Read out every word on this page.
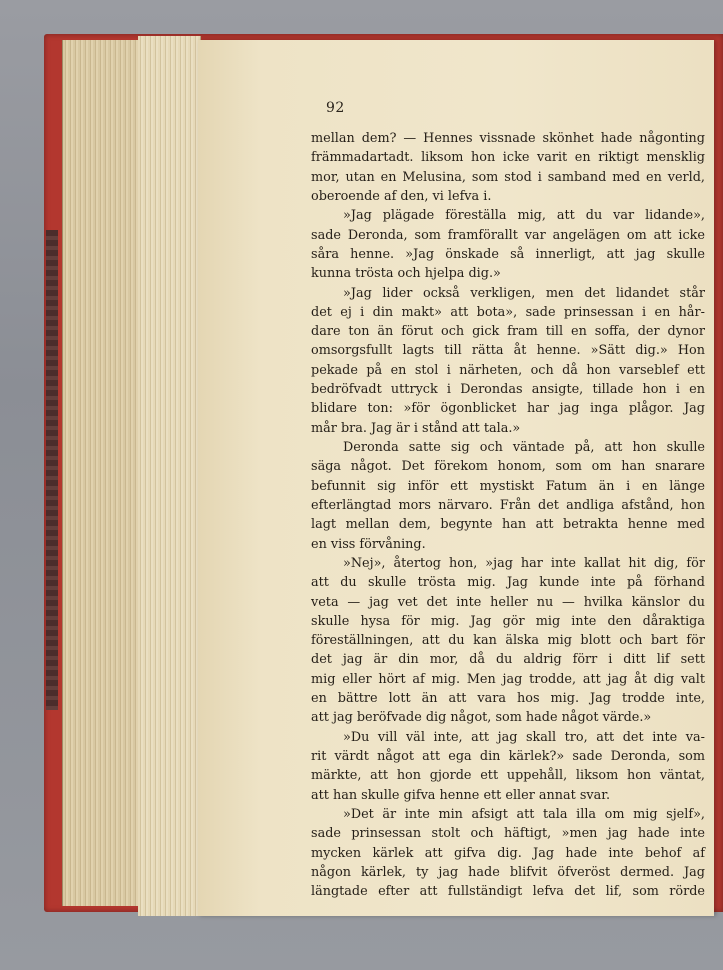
92
mellan dem? — Hennes vissnade skönhet hade någonting
främmadartadt. liksom hon icke varit en riktigt mensklig
mor, utan en Melusina, som stod i samband med en verld,
oberoende af den, vi lefva i.
»Jag plägade föreställa mig, att du var lidande»,
sade Deronda, som framförallt var angelägen om att icke
såra henne. »Jag önskade så innerligt, att jag skulle
kunna trösta och hjelpa dig.»
»Jag lider också verkligen, men det lidandet står
det ej i din makt» att bota», sade prinsessan i en hår-
dare ton än förut och gick fram till en soffa, der dynor
omsorgsfullt lagts till rätta åt henne. »Sätt dig.» Hon
pekade på en stol i närheten, och då hon varseblef ett
bedröfvadt uttryck i Derondas ansigte, tillade hon i en
blidare ton: »för ögonblicket har jag inga plågor. Jag
mår bra. Jag är i stånd att tala.»
Deronda satte sig och väntade på, att hon skulle
säga något. Det förekom honom, som om han snarare
befunnit sig inför ett mystiskt Fatum än i en länge
efterlängtad mors närvaro. Från det andliga afstånd, hon
lagt mellan dem, begynte han att betrakta henne med
en viss förvåning.
»Nej», återtog hon, »jag har inte kallat hit dig, för
att du skulle trösta mig. Jag kunde inte på förhand
veta — jag vet det inte heller nu — hvilka känslor du
skulle hysa för mig. Jag gör mig inte den dåraktiga
föreställningen, att du kan älska mig blott och bart för
det jag är din mor, då du aldrig förr i ditt lif sett
mig eller hört af mig. Men jag trodde, att jag åt dig valt
en bättre lott än att vara hos mig. Jag trodde inte,
att jag beröfvade dig något, som hade något värde.»
»Du vill väl inte, att jag skall tro, att det inte va-
rit värdt något att ega din kärlek?» sade Deronda, som
märkte, att hon gjorde ett uppehåll, liksom hon väntat,
att han skulle gifva henne ett eller annat svar.
»Det är inte min afsigt att tala illa om mig sjelf»,
sade prinsessan stolt och häftigt, »men jag hade inte
mycken kärlek att gifva dig. Jag hade inte behof af
någon kärlek, ty jag hade blifvit öfveröst dermed. Jag
längtade efter att fullständigt lefva det lif, som rörde
